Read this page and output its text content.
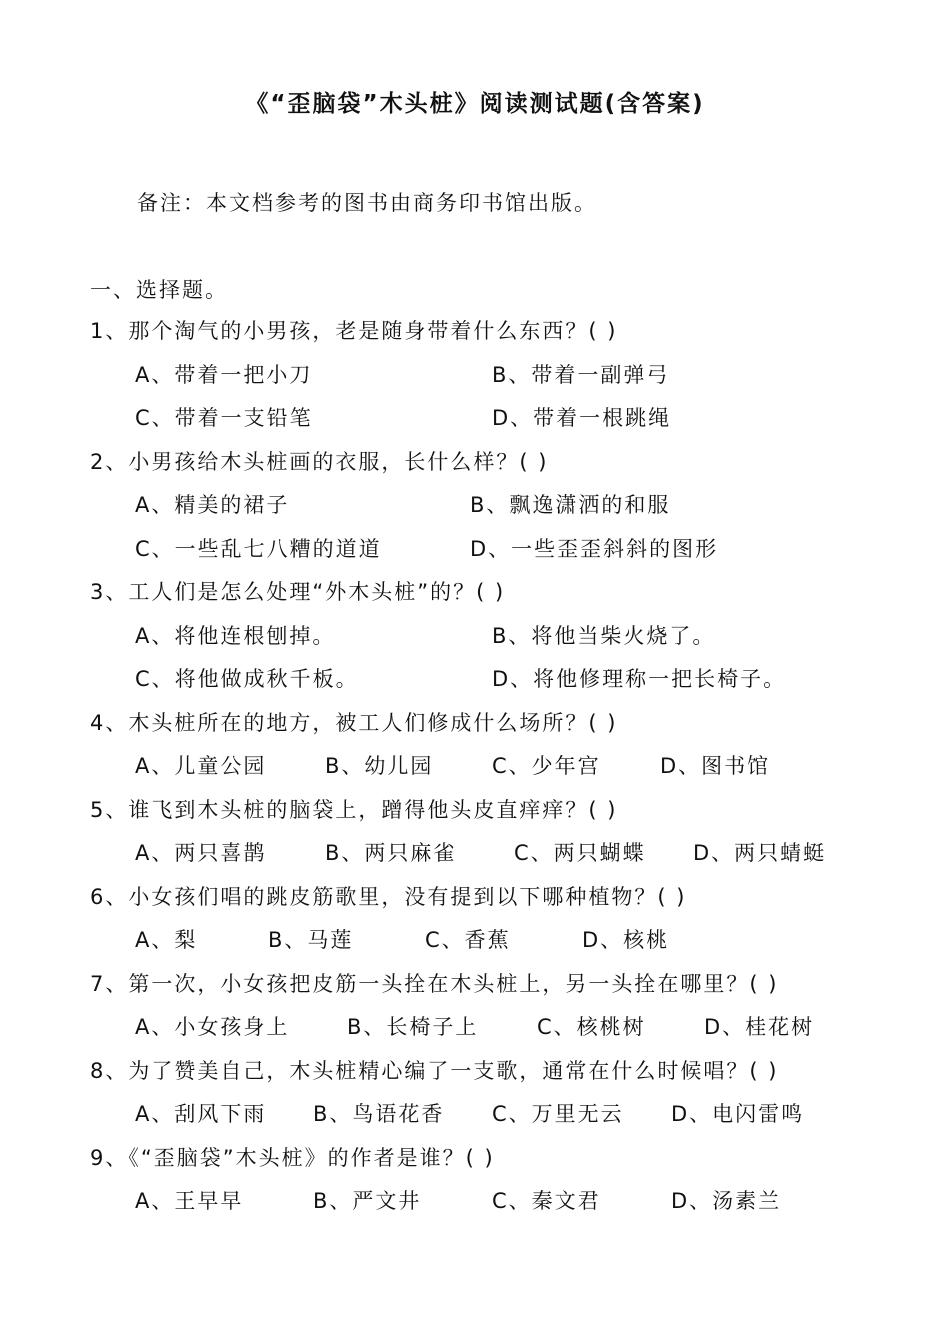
《“歪脑袋”木头桩》阅读测试题(含答案)
备注：本文档参考的图书由商务印书馆出版。
一、选择题。
1、那个淘气的小男孩，老是随身带着什么东西？( )
A、带着一把小刀	B、带着一副弹弓
C、带着一支铅笔	D、带着一根跳绳
2、小男孩给木头桩画的衣服，长什么样？( )
A、精美的裙子	B、飘逸潇洒的和服
C、一些乱七八糟的道道	D、一些歪歪斜斜的图形
3、工人们是怎么处理“外木头桩”的？( )
A、将他连根刨掉。	B、将他当柴火烧了。
C、将他做成秋千板。	D、将他修理称一把长椅子。
4、木头桩所在的地方，被工人们修成什么场所？( )
A、儿童公园	B、幼儿园	C、少年宫	D、图书馆
5、谁飞到木头桩的脑袋上，蹭得他头皮直痒痒？( )
A、两只喜鹊	B、两只麻雀	C、两只蝴蝶 D、两只蜻蜓
6、小女孩们唱的跳皮筋歌里，没有提到以下哪种植物？( )
A、梨	B、马莲	C、香蕉	D、核桃
7、第一次，小女孩把皮筋一头拴在木头桩上，另一头拴在哪里？( )
A、小女孩身上	B、长椅子上	C、核桃树	D、桂花树
8、为了赞美自己，木头桩精心编了一支歌，通常在什么时候唱？( )
A、刮风下雨 B、鸟语花香 C、万里无云 D、电闪雷鸣
9、《“歪脑袋”木头桩》的作者是谁？( )
A、王早早	B、严文井	C、秦文君	D、汤素兰
